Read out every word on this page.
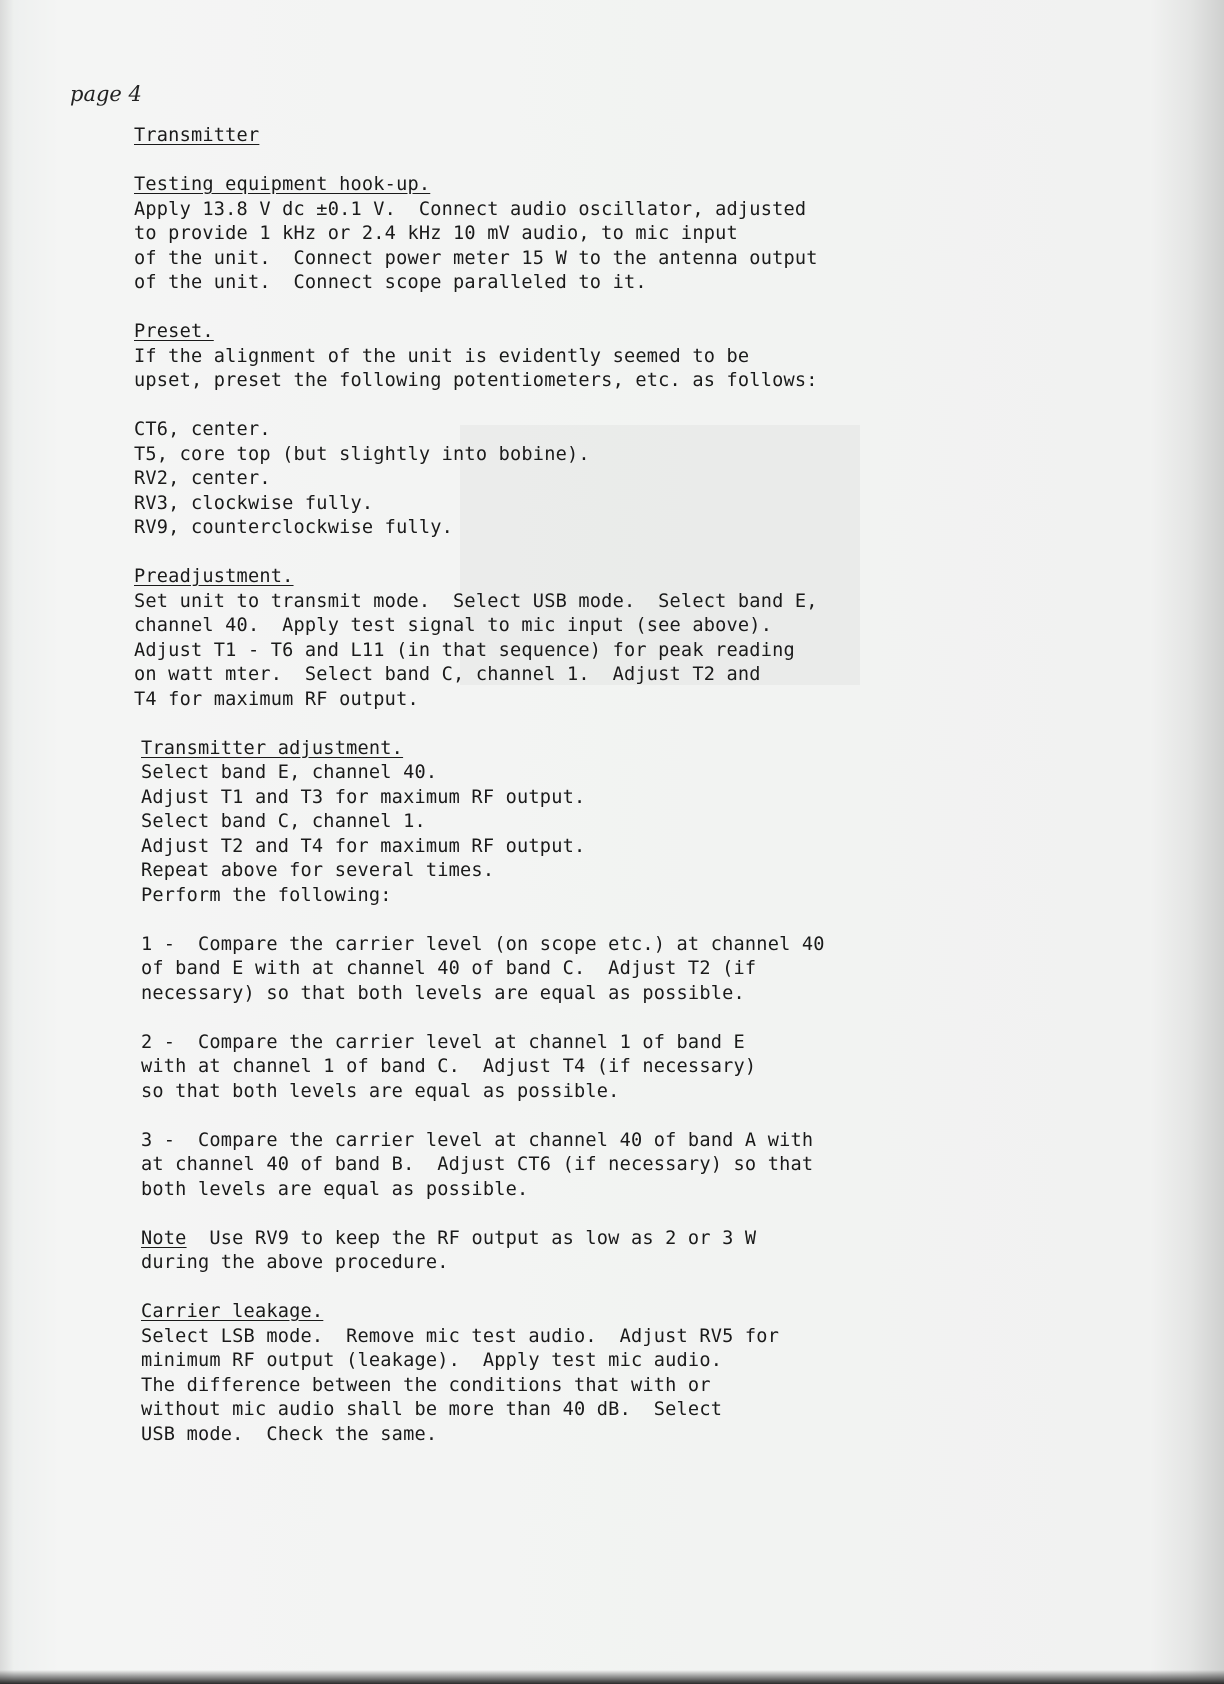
page 4
Transmitter
Testing equipment hook-up.
Apply 13.8 V dc ±0.1 V.  Connect audio oscillator, adjusted
to provide 1 kHz or 2.4 kHz 10 mV audio, to mic input
of the unit.  Connect power meter 15 W to the antenna output
of the unit.  Connect scope paralleled to it.
Preset.
If the alignment of the unit is evidently seemed to be
upset, preset the following potentiometers, etc. as follows:
CT6, center.
T5, core top (but slightly into bobine).
RV2, center.
RV3, clockwise fully.
RV9, counterclockwise fully.
Preadjustment.
Set unit to transmit mode.  Select USB mode.  Select band E,
channel 40.  Apply test signal to mic input (see above).
Adjust T1 - T6 and L11 (in that sequence) for peak reading
on watt mter.  Select band C, channel 1.  Adjust T2 and
T4 for maximum RF output.
Transmitter adjustment.
Select band E, channel 40.
Adjust T1 and T3 for maximum RF output.
Select band C, channel 1.
Adjust T2 and T4 for maximum RF output.
Repeat above for several times.
Perform the following:
1 -  Compare the carrier level (on scope etc.) at channel 40
of band E with at channel 40 of band C.  Adjust T2 (if
necessary) so that both levels are equal as possible.
2 -  Compare the carrier level at channel 1 of band E
with at channel 1 of band C.  Adjust T4 (if necessary)
so that both levels are equal as possible.
3 -  Compare the carrier level at channel 40 of band A with
at channel 40 of band B.  Adjust CT6 (if necessary) so that
both levels are equal as possible.
Note  Use RV9 to keep the RF output as low as 2 or 3 W
during the above procedure.
Carrier leakage.
Select LSB mode.  Remove mic test audio.  Adjust RV5 for
minimum RF output (leakage).  Apply test mic audio.
The difference between the conditions that with or
without mic audio shall be more than 40 dB.  Select
USB mode.  Check the same.
